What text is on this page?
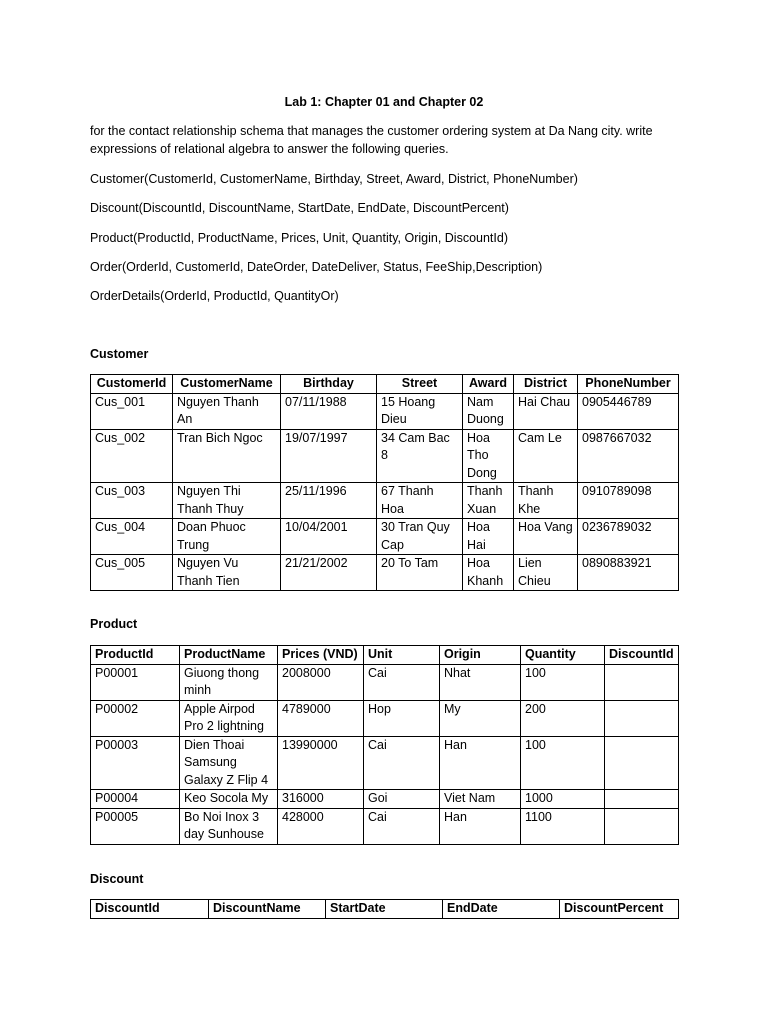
Lab 1: Chapter 01 and Chapter 02
for the contact relationship schema that manages the customer ordering system at Da Nang city. write expressions of relational algebra to answer the following queries.
Customer(CustomerId, CustomerName, Birthday, Street, Award, District, PhoneNumber)
Discount(DiscountId, DiscountName, StartDate, EndDate, DiscountPercent)
Product(ProductId, ProductName, Prices, Unit, Quantity, Origin, DiscountId)
Order(OrderId, CustomerId, DateOrder, DateDeliver, Status, FeeShip,Description)
OrderDetails(OrderId, ProductId, QuantityOr)
Customer
CustomerId	CustomerName	Birthday	Street	Award	District	PhoneNumber
Cus_001	Nguyen Thanh An	07/11/1988	15 Hoang Dieu	Nam Duong	Hai Chau	0905446789
Cus_002	Tran Bich Ngoc	19/07/1997	34 Cam Bac 8	Hoa Tho Dong	Cam Le	0987667032
Cus_003	Nguyen Thi Thanh Thuy	25/11/1996	67 Thanh Hoa	Thanh Xuan	Thanh Khe	0910789098
Cus_004	Doan Phuoc Trung	10/04/2001	30 Tran Quy Cap	Hoa Hai	Hoa Vang	0236789032
Cus_005	Nguyen Vu Thanh Tien	21/21/2002	20 To Tam	Hoa Khanh	Lien Chieu	0890883921
Product
ProductId	ProductName	Prices (VND)	Unit	Origin	Quantity	DiscountId
P00001	Giuong thong minh	2008000	Cai	Nhat	100	
P00002	Apple Airpod Pro 2 lightning	4789000	Hop	My	200	
P00003	Dien Thoai Samsung Galaxy Z Flip 4	13990000	Cai	Han	100	
P00004	Keo Socola My	316000	Goi	Viet Nam	1000	
P00005	Bo Noi Inox 3 day Sunhouse	428000	Cai	Han	1100	
Discount
DiscountId	DiscountName	StartDate	EndDate	DiscountPercent
